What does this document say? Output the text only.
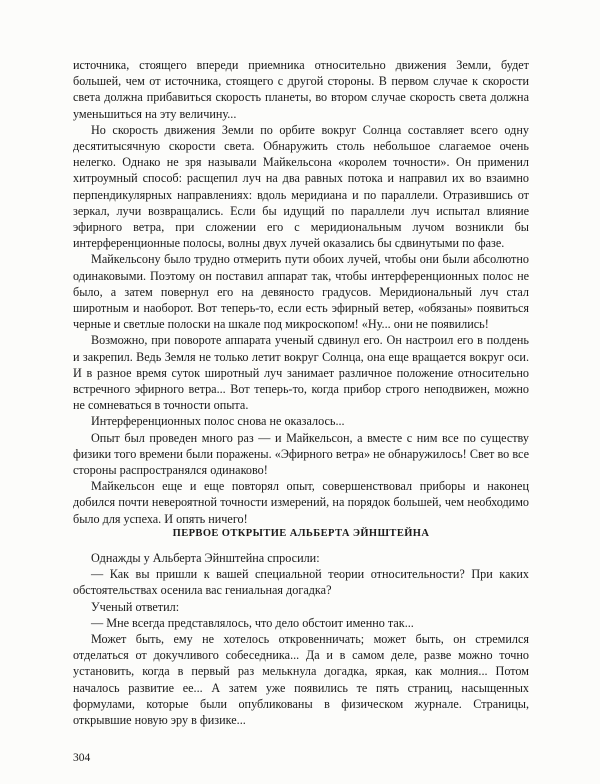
источника, стоящего впереди приемника относительно движения Земли, будет большей, чем от источника, стоящего с другой стороны. В первом случае к скорости света должна прибавиться скорость планеты, во втором случае скорость света должна уменьшиться на эту величину...

Но скорость движения Земли по орбите вокруг Солнца составляет всего одну десятитысячную скорости света. Обнаружить столь небольшое слагаемое очень нелегко. Однако не зря называли Майкельсона «королем точности». Он применил хитроумный способ: расщепил луч на два равных потока и направил их во взаимно перпендикулярных направлениях: вдоль меридиана и по параллели. Отразившись от зеркал, лучи возвращались. Если бы идущий по параллели луч испытал влияние эфирного ветра, при сложении его с меридиональным лучом возникли бы интерференционные полосы, волны двух лучей оказались бы сдвинутыми по фазе.

Майкельсону было трудно отмерить пути обоих лучей, чтобы они были абсолютно одинаковыми. Поэтому он поставил аппарат так, чтобы интерференционных полос не было, а затем повернул его на девяносто градусов. Меридиональный луч стал широтным и наоборот. Вот теперь-то, если есть эфирный ветер, «обязаны» появиться черные и светлые полоски на шкале под микроскопом! «Ну... они не появились!

Возможно, при повороте аппарата ученый сдвинул его. Он настроил его в полдень и закрепил. Ведь Земля не только летит вокруг Солнца, она еще вращается вокруг оси. И в разное время суток широтный луч занимает различное положение относительно встречного эфирного ветра... Вот теперь-то, когда прибор строго неподвижен, можно не сомневаться в точности опыта.

Интерференционных полос снова не оказалось...

Опыт был проведен много раз — и Майкельсон, а вместе с ним все по существу физики того времени были поражены. «Эфирного ветра» не обнаружилось! Свет во все стороны распространялся одинаково!

Майкельсон еще и еще повторял опыт, совершенствовал приборы и наконец добился почти невероятной точности измерений, на порядок большей, чем необходимо было для успеха. И опять ничего!

ПЕРВОЕ ОТКРЫТИЕ АЛЬБЕРТА ЭЙНШТЕЙНА

Однажды у Альберта Эйнштейна спросили:

— Как вы пришли к вашей специальной теории относительности? При каких обстоятельствах осенила вас гениальная догадка?

Ученый ответил:

— Мне всегда представлялось, что дело обстоит именно так...

Может быть, ему не хотелось откровенничать; может быть, он стремился отделаться от докучливого собеседника... Да и в самом деле, разве можно точно установить, когда в первый раз мелькнула догадка, яркая, как молния... Потом началось развитие ее... А затем уже появились те пять страниц, насыщенных формулами, которые были опубликованы в физическом журнале. Страницы, открывшие новую эру в физике...

304
